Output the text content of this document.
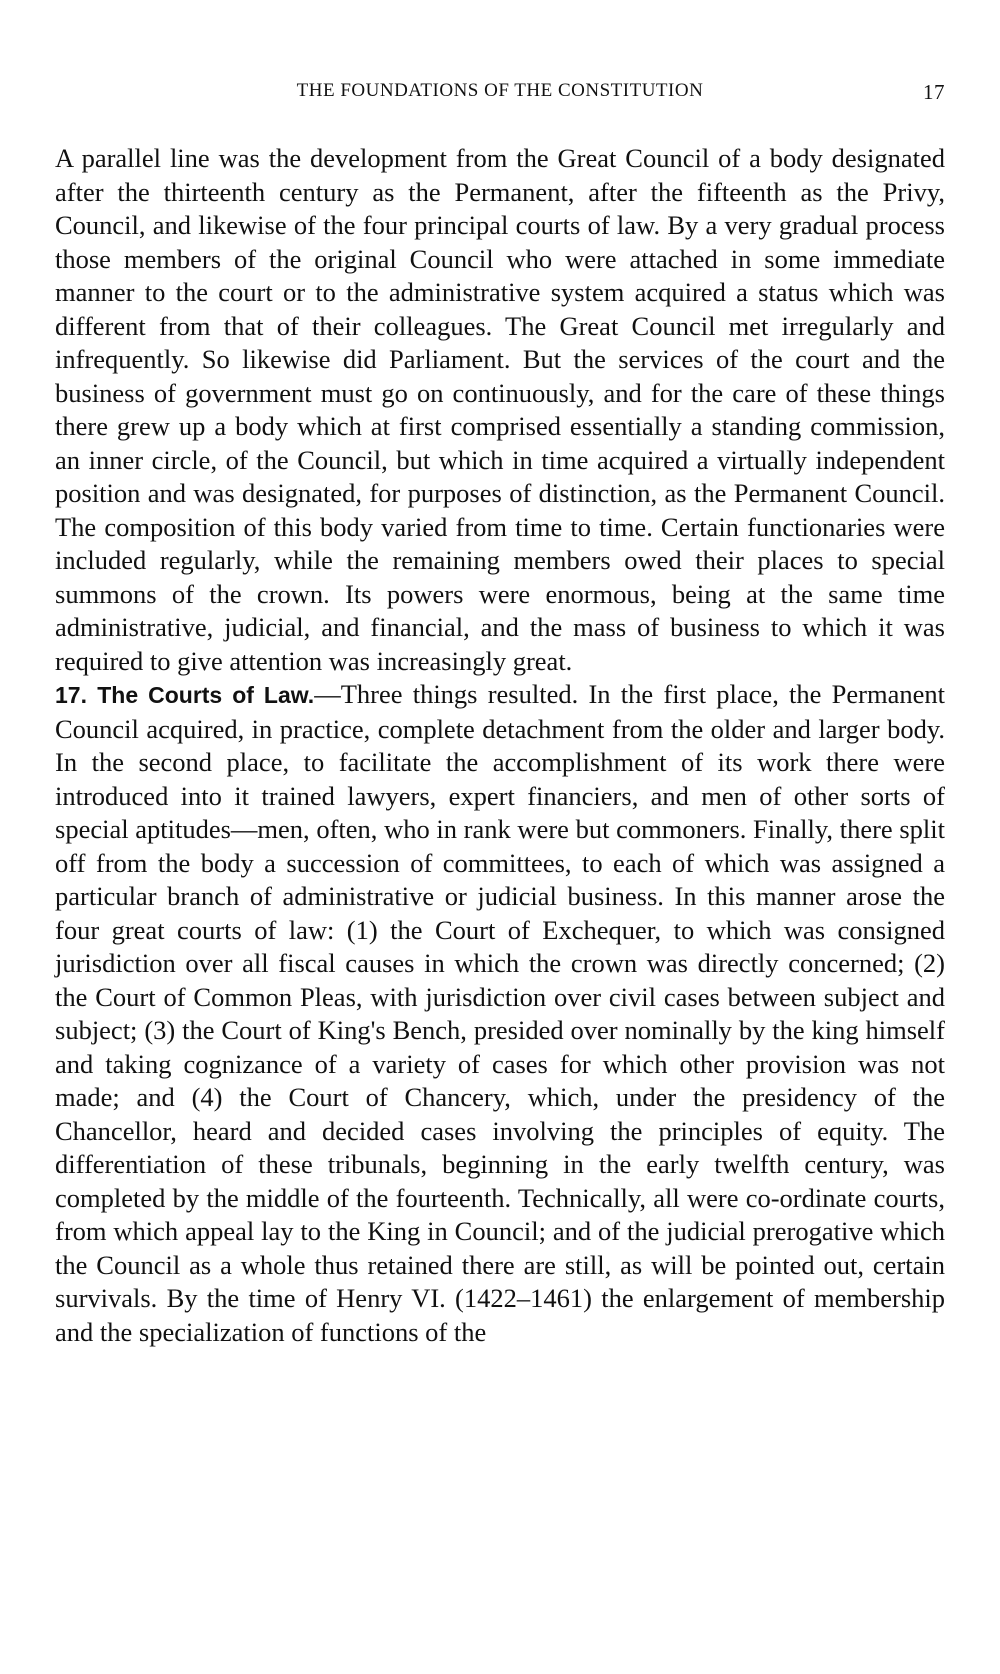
THE FOUNDATIONS OF THE CONSTITUTION	17

A parallel line was the development from the Great Council of a body designated after the thirteenth century as the Permanent, after the fifteenth as the Privy, Council, and likewise of the four principal courts of law. By a very gradual process those members of the original Council who were attached in some immediate manner to the court or to the administrative system acquired a status which was different from that of their colleagues. The Great Council met irregularly and infrequently. So likewise did Parliament. But the services of the court and the business of government must go on continuously, and for the care of these things there grew up a body which at first comprised essentially a standing commission, an inner circle, of the Council, but which in time acquired a virtually independent position and was designated, for purposes of distinction, as the Permanent Council. The composition of this body varied from time to time. Certain functionaries were included regularly, while the remaining members owed their places to special summons of the crown. Its powers were enormous, being at the same time administrative, judicial, and financial, and the mass of business to which it was required to give attention was increasingly great.

17. The Courts of Law.—Three things resulted. In the first place, the Permanent Council acquired, in practice, complete detachment from the older and larger body. In the second place, to facilitate the accomplishment of its work there were introduced into it trained lawyers, expert financiers, and men of other sorts of special aptitudes—men, often, who in rank were but commoners. Finally, there split off from the body a succession of committees, to each of which was assigned a particular branch of administrative or judicial business. In this manner arose the four great courts of law: (1) the Court of Exchequer, to which was consigned jurisdiction over all fiscal causes in which the crown was directly concerned; (2) the Court of Common Pleas, with jurisdiction over civil cases between subject and subject; (3) the Court of King's Bench, presided over nominally by the king himself and taking cognizance of a variety of cases for which other provision was not made; and (4) the Court of Chancery, which, under the presidency of the Chancellor, heard and decided cases involving the principles of equity. The differentiation of these tribunals, beginning in the early twelfth century, was completed by the middle of the fourteenth. Technically, all were co-ordinate courts, from which appeal lay to the King in Council; and of the judicial prerogative which the Council as a whole thus retained there are still, as will be pointed out, certain survivals. By the time of Henry VI. (1422–1461) the enlargement of membership and the specialization of functions of the
